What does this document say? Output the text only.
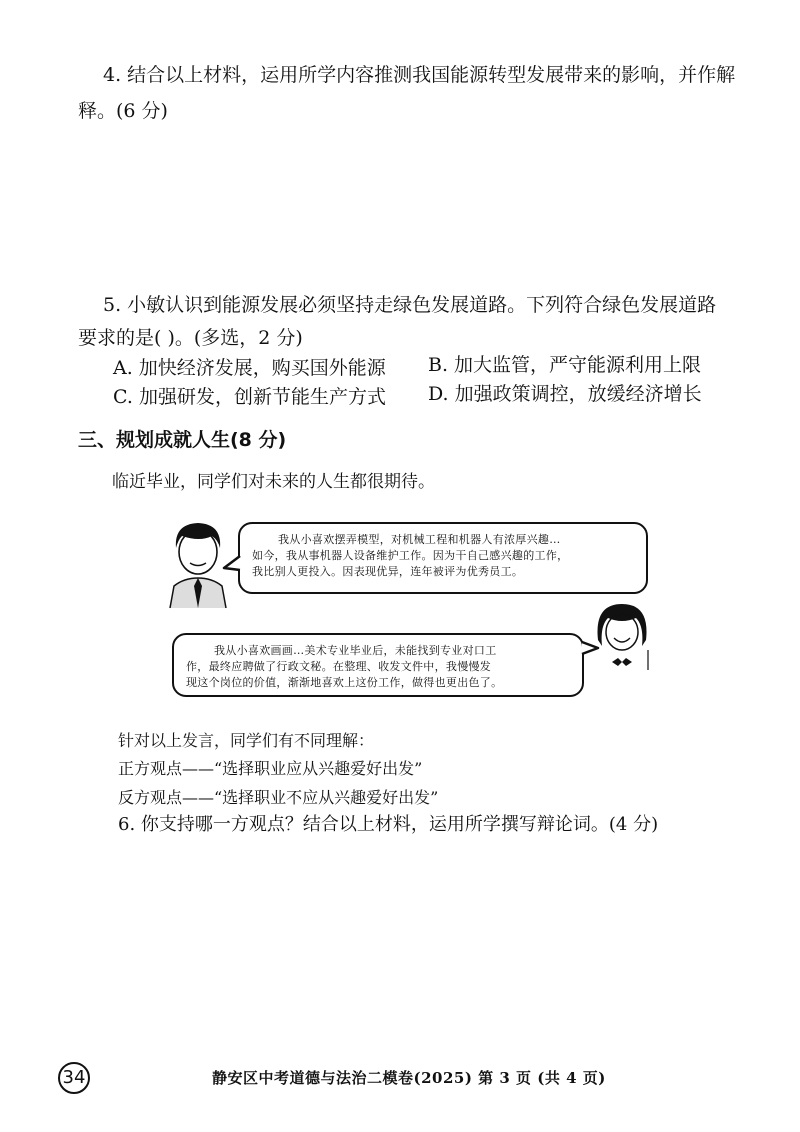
4. 结合以上材料，运用所学内容推测我国能源转型发展带来的影响，并作解
释。(6 分)
5. 小敏认识到能源发展必须坚持走绿色发展道路。下列符合绿色发展道路
要求的是( )。(多选，2 分)
A. 加快经济发展，购买国外能源 B. 加大监管，严守能源利用上限
C. 加强研发，创新节能生产方式 D. 加强政策调控，放缓经济增长
三、规划成就人生(8 分)
临近毕业，同学们对未来的人生都很期待。
我从小喜欢摆弄模型，对机械工程和机器人有浓厚兴趣…
如今，我从事机器人设备维护工作。因为干自己感兴趣的工作，
我比别人更投入。因表现优异，连年被评为优秀员工。
我从小喜欢画画…美术专业毕业后，未能找到专业对口工
作，最终应聘做了行政文秘。在整理、收发文件中，我慢慢发
现这个岗位的价值，渐渐地喜欢上这份工作，做得也更出色了。
针对以上发言，同学们有不同理解：
正方观点——“选择职业应从兴趣爱好出发”
反方观点——“选择职业不应从兴趣爱好出发”
6. 你支持哪一方观点？结合以上材料，运用所学撰写辩论词。(4 分)
34	静安区中考道德与法治二模卷(2025) 第 3 页 (共 4 页)
